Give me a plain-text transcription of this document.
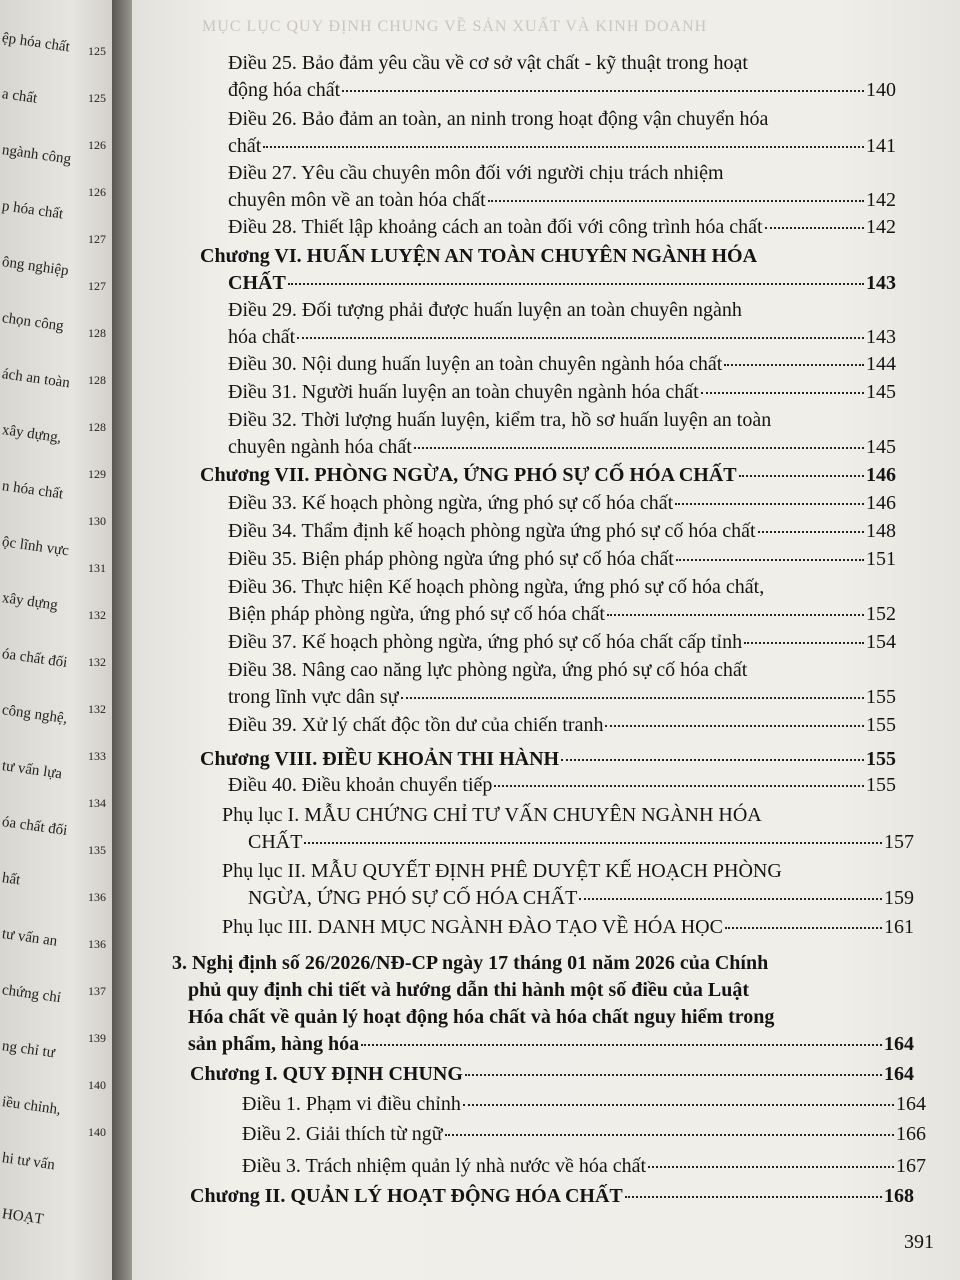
ệp hóa chất
a chất
ngành công
p hóa chất
ông nghiệp
chọn công
ách an toàn
xây dựng,
n hóa chất
ộc lĩnh vực
xây dựng
óa chất đối
công nghệ,
tư vấn lựa
óa chất đối
hất
tư vấn an
chứng chỉ
ng chỉ tư
iều chỉnh,
hi tư vấn
HOẠT
125
125
126
126
127
127
128
128
128
129
130
131
132
132
132
133
134
135
136
136
137
139
140
140
MỤC LỤC QUY ĐỊNH CHUNG VỀ SẢN XUẤT VÀ KINH DOANH
Điều 25. Bảo đảm yêu cầu về cơ sở vật chất - kỹ thuật trong hoạt
động hóa chất	140
Điều 26. Bảo đảm an toàn, an ninh trong hoạt động vận chuyển hóa
chất	141
Điều 27. Yêu cầu chuyên môn đối với người chịu trách nhiệm
chuyên môn về an toàn hóa chất	142
Điều 28. Thiết lập khoảng cách an toàn đối với công trình hóa chất	142
Chương VI. HUẤN LUYỆN AN TOÀN CHUYÊN NGÀNH HÓA
CHẤT	143
Điều 29. Đối tượng phải được huấn luyện an toàn chuyên ngành
hóa chất	143
Điều 30. Nội dung huấn luyện an toàn chuyên ngành hóa chất	144
Điều 31. Người huấn luyện an toàn chuyên ngành hóa chất	145
Điều 32. Thời lượng huấn luyện, kiểm tra, hồ sơ huấn luyện an toàn
chuyên ngành hóa chất	145
Chương VII. PHÒNG NGỪA, ỨNG PHÓ SỰ CỐ HÓA CHẤT	146
Điều 33. Kế hoạch phòng ngừa, ứng phó sự cố hóa chất	146
Điều 34. Thẩm định kế hoạch phòng ngừa ứng phó sự cố hóa chất	148
Điều 35. Biện pháp phòng ngừa ứng phó sự cố hóa chất	151
Điều 36. Thực hiện Kế hoạch phòng ngừa, ứng phó sự cố hóa chất,
Biện pháp phòng ngừa, ứng phó sự cố hóa chất	152
Điều 37. Kế hoạch phòng ngừa, ứng phó sự cố hóa chất cấp tỉnh	154
Điều 38. Nâng cao năng lực phòng ngừa, ứng phó sự cố hóa chất
trong lĩnh vực dân sự	155
Điều 39. Xử lý chất độc tồn dư của chiến tranh	155
Chương VIII. ĐIỀU KHOẢN THI HÀNH	155
Điều 40. Điều khoản chuyển tiếp	155
Phụ lục I. MẪU CHỨNG CHỈ TƯ VẤN CHUYÊN NGÀNH HÓA
CHẤT	157
Phụ lục II. MẪU QUYẾT ĐỊNH PHÊ DUYỆT KẾ HOẠCH PHÒNG
NGỪA, ỨNG PHÓ SỰ CỐ HÓA CHẤT	159
Phụ lục III. DANH MỤC NGÀNH ĐÀO TẠO VỀ HÓA HỌC	161
3. Nghị định số 26/2026/NĐ-CP ngày 17 tháng 01 năm 2026 của Chính
phủ quy định chi tiết và hướng dẫn thi hành một số điều của Luật
Hóa chất về quản lý hoạt động hóa chất và hóa chất nguy hiểm trong
sản phẩm, hàng hóa	164
Chương I. QUY ĐỊNH CHUNG	164
Điều 1. Phạm vi điều chỉnh	164
Điều 2. Giải thích từ ngữ	166
Điều 3. Trách nhiệm quản lý nhà nước về hóa chất	167
Chương II. QUẢN LÝ HOẠT ĐỘNG HÓA CHẤT	168
391
